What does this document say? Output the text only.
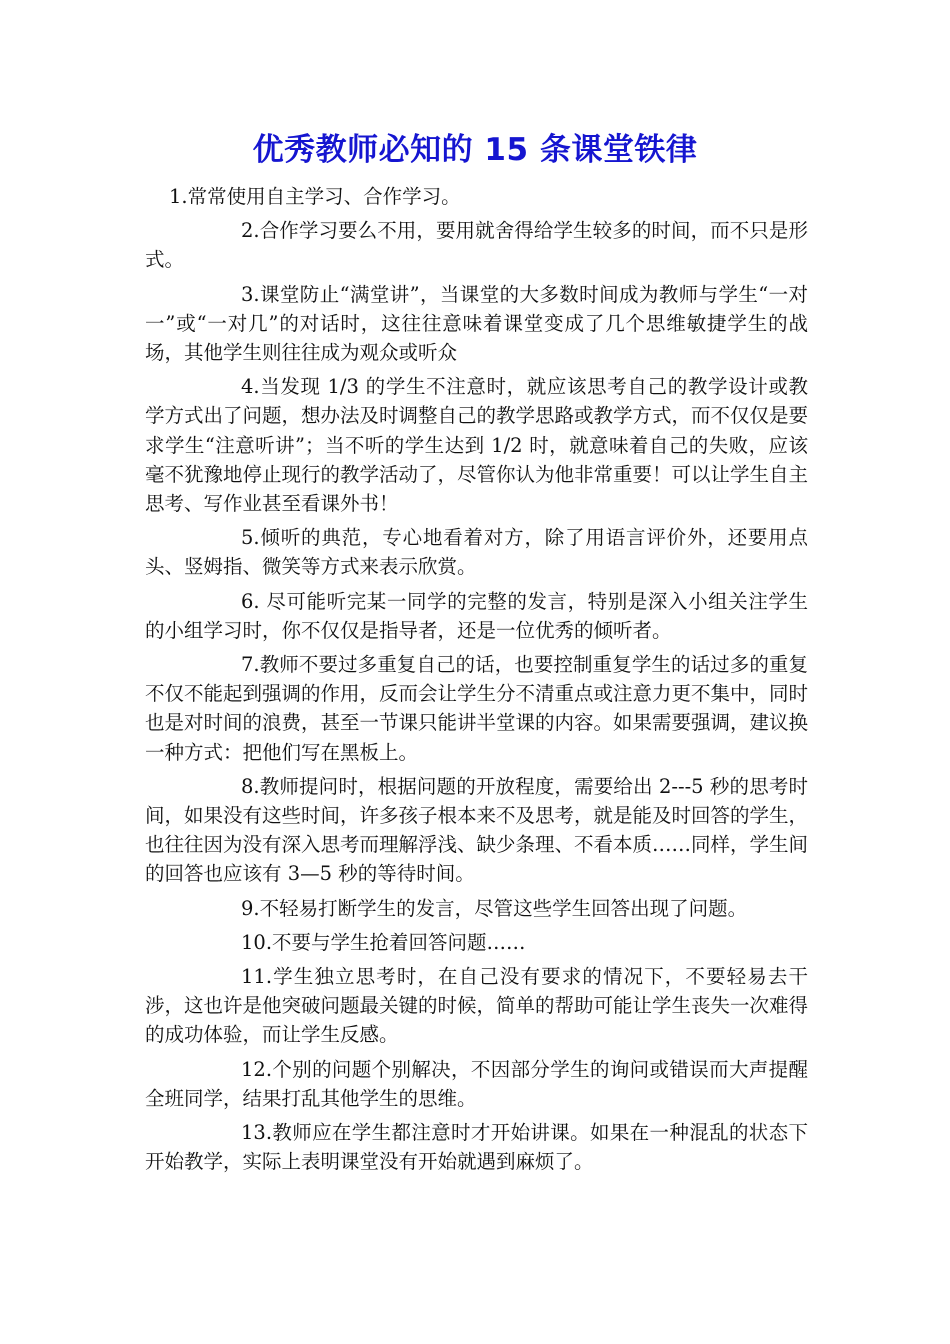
优秀教师必知的 15 条课堂铁律

1.常常使用自主学习、合作学习。

2.合作学习要么不用，要用就舍得给学生较多的时间，而不只是形式。

3.课堂防止“满堂讲”，当课堂的大多数时间成为教师与学生“一对一”或“一对几”的对话时，这往往意味着课堂变成了几个思维敏捷学生的战场，其他学生则往往成为观众或听众

4.当发现 1/3 的学生不注意时，就应该思考自己的教学设计或教学方式出了问题，想办法及时调整自己的教学思路或教学方式，而不仅仅是要求学生“注意听讲”；当不听的学生达到 1/2 时，就意味着自己的失败，应该毫不犹豫地停止现行的教学活动了，尽管你认为他非常重要！可以让学生自主思考、写作业甚至看课外书！

5.倾听的典范，专心地看着对方，除了用语言评价外，还要用点头、竖姆指、微笑等方式来表示欣赏。

6. 尽可能听完某一同学的完整的发言，特别是深入小组关注学生的小组学习时，你不仅仅是指导者，还是一位优秀的倾听者。

7.教师不要过多重复自己的话，也要控制重复学生的话过多的重复不仅不能起到强调的作用，反而会让学生分不清重点或注意力更不集中，同时也是对时间的浪费，甚至一节课只能讲半堂课的内容。如果需要强调，建议换一种方式：把他们写在黑板上。

8.教师提问时，根据问题的开放程度，需要给出 2---5 秒的思考时间，如果没有这些时间，许多孩子根本来不及思考，就是能及时回答的学生，也往往因为没有深入思考而理解浮浅、缺少条理、不看本质……同样，学生间的回答也应该有 3—5 秒的等待时间。

9.不轻易打断学生的发言，尽管这些学生回答出现了问题。

10.不要与学生抢着回答问题……

11.学生独立思考时，在自己没有要求的情况下，不要轻易去干涉，这也许是他突破问题最关键的时候，简单的帮助可能让学生丧失一次难得的成功体验，而让学生反感。

12.个别的问题个别解决，不因部分学生的询问或错误而大声提醒全班同学，结果打乱其他学生的思维。

13.教师应在学生都注意时才开始讲课。如果在一种混乱的状态下开始教学，实际上表明课堂没有开始就遇到麻烦了。
